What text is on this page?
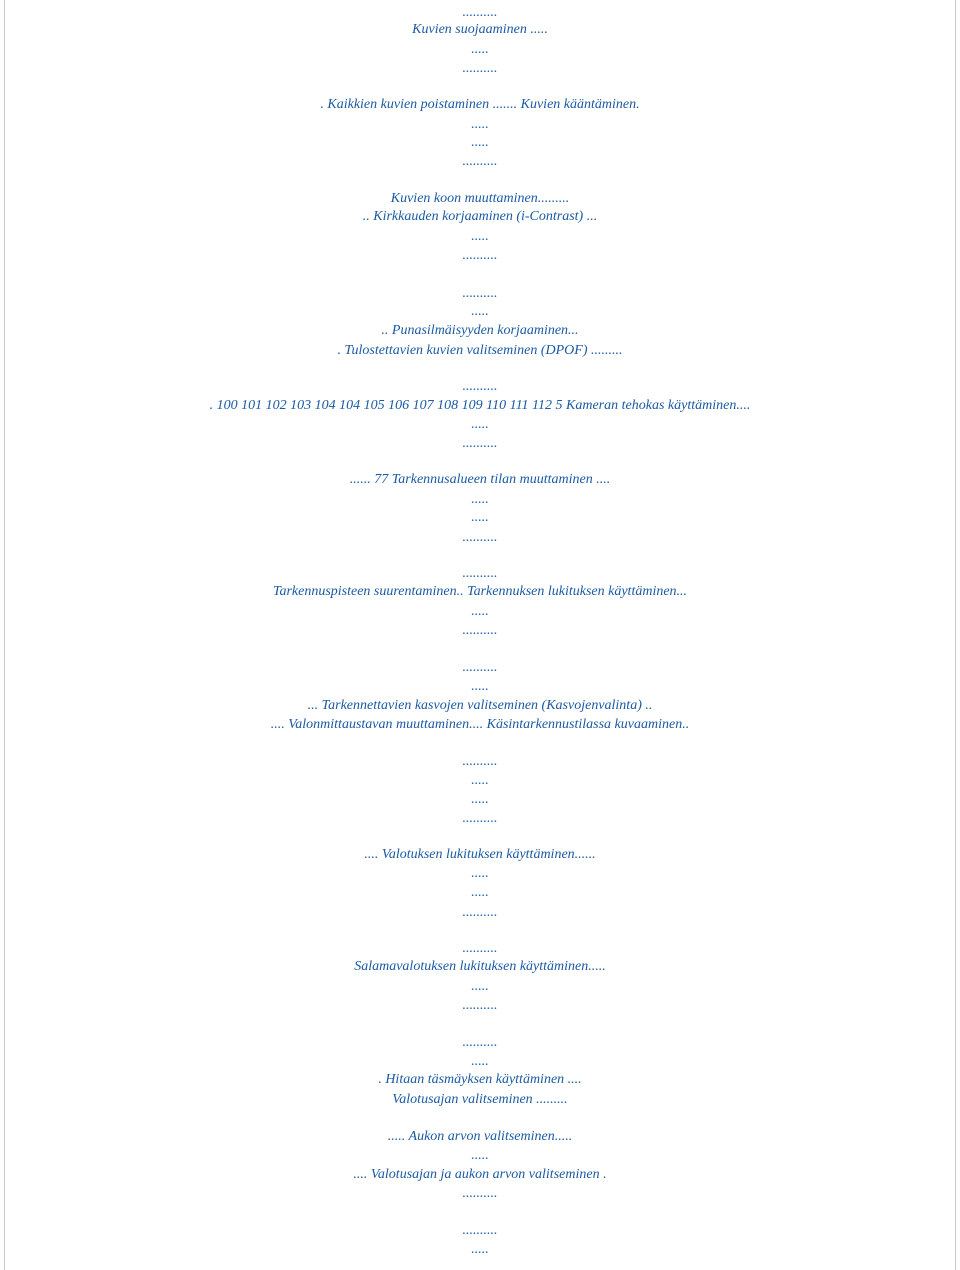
..........
Kuvien suojaaminen .....
.....
..........
. Kaikkien kuvien poistaminen ....... Kuvien kääntäminen.
.....
.....
..........
Kuvien koon muuttaminen.........
.. Kirkkauden korjaaminen (i-Contrast) ...
.....
..........
..........
.....
.. Punasilmäisyyden korjaaminen...
. Tulostettavien kuvien valitseminen (DPOF) .........
..........
. 100 101 102 103 104 104 105 106 107 108 109 110 111 112 5 Kameran tehokas käyttäminen....
.....
..........
...... 77 Tarkennusalueen tilan muuttaminen ....
.....
.....
..........
..........
Tarkennuspisteen suurentaminen.. Tarkennuksen lukituksen käyttäminen...
.....
..........
..........
.....
... Tarkennettavien kasvojen valitseminen (Kasvojenvalinta) ..
.... Valonmittaustavan muuttaminen.... Käsintarkennustilassa kuvaaminen..
..........
.....
.....
..........
.... Valotuksen lukituksen käyttäminen......
.....
.....
..........
..........
Salamavalotuksen lukituksen käyttäminen.....
.....
..........
..........
.....
. Hitaan täsmäyksen käyttäminen ....
Valotusajan valitseminen .........
..... Aukon arvon valitseminen.....
.....
.... Valotusajan ja aukon arvon valitseminen .
..........
..........
.....
